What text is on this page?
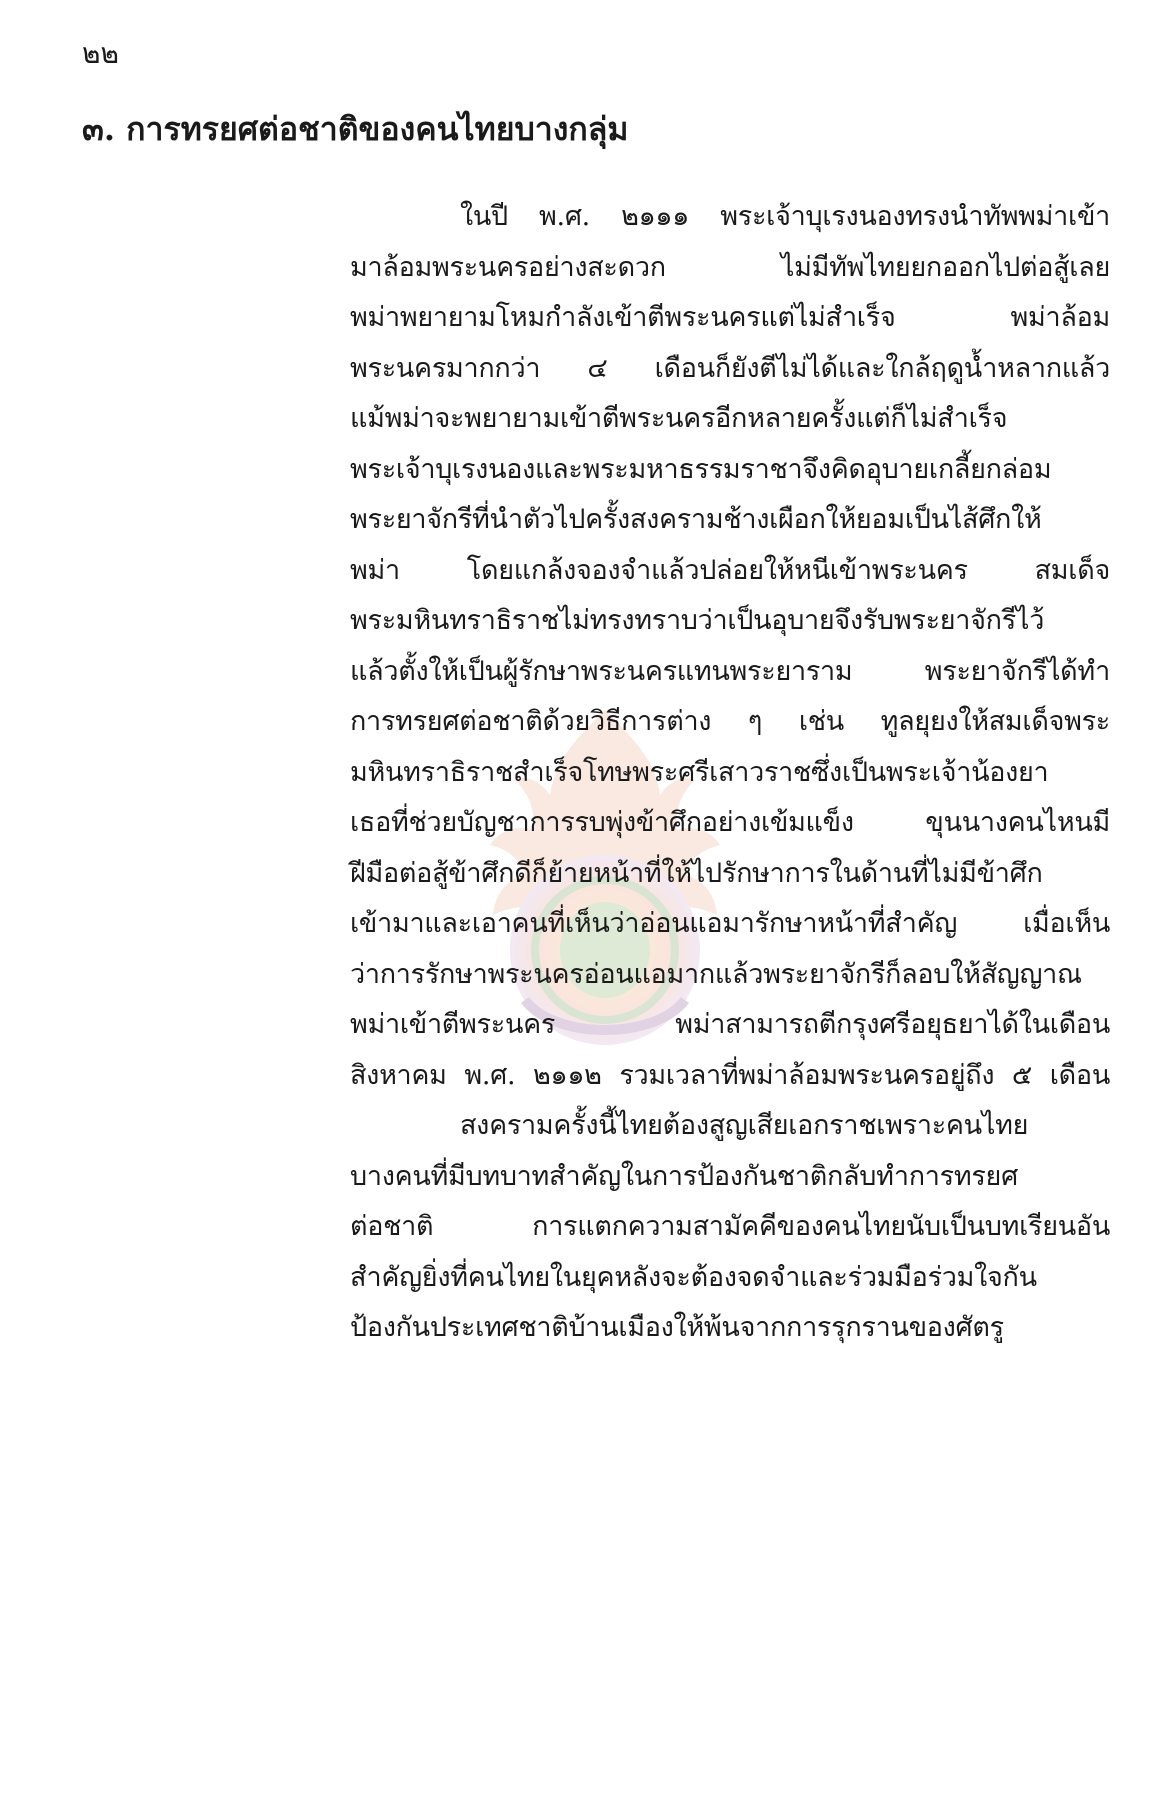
๒๒
๓. การทรยศต่อชาติของคนไทยบางกลุ่ม
ในปี พ.ศ. ๒๑๑๑ พระเจ้าบุเรงนองทรงนำทัพพม่าเข้า
มาล้อมพระนครอย่างสะดวก ไม่มีทัพไทยยกออกไปต่อสู้เลย
พม่าพยายามโหมกำลังเข้าตีพระนครแต่ไม่สำเร็จ พม่าล้อม
พระนครมากกว่า ๔ เดือนก็ยังตีไม่ได้และใกล้ฤดูน้ำหลากแล้ว
แม้พม่าจะพยายามเข้าตีพระนครอีกหลายครั้งแต่ก็ไม่สำเร็จ
พระเจ้าบุเรงนองและพระมหาธรรมราชาจึงคิดอุบายเกลี้ยกล่อม
พระยาจักรีที่นำตัวไปครั้งสงครามช้างเผือกให้ยอมเป็นไส้ศึกให้
พม่า โดยแกล้งจองจำแล้วปล่อยให้หนีเข้าพระนคร สมเด็จ
พระมหินทราธิราชไม่ทรงทราบว่าเป็นอุบายจึงรับพระยาจักรีไว้
แล้วตั้งให้เป็นผู้รักษาพระนครแทนพระยาราม พระยาจักรีได้ทำ
การทรยศต่อชาติด้วยวิธีการต่าง ๆ เช่น ทูลยุยงให้สมเด็จพระ
มหินทราธิราชสำเร็จโทษพระศรีเสาวราชซึ่งเป็นพระเจ้าน้องยา
เธอที่ช่วยบัญชาการรบพุ่งข้าศึกอย่างเข้มแข็ง ขุนนางคนไหนมี
ฝีมือต่อสู้ข้าศึกดีก็ย้ายหน้าที่ให้ไปรักษาการในด้านที่ไม่มีข้าศึก
เข้ามาและเอาคนที่เห็นว่าอ่อนแอมารักษาหน้าที่สำคัญ เมื่อเห็น
ว่าการรักษาพระนครอ่อนแอมากแล้วพระยาจักรีก็ลอบให้สัญญาณ
พม่าเข้าตีพระนคร พม่าสามารถตีกรุงศรีอยุธยาได้ในเดือน
สิงหาคม พ.ศ. ๒๑๑๒ รวมเวลาที่พม่าล้อมพระนครอยู่ถึง ๕ เดือน
สงครามครั้งนี้ไทยต้องสูญเสียเอกราชเพราะคนไทย
บางคนที่มีบทบาทสำคัญในการป้องกันชาติกลับทำการทรยศ
ต่อชาติ การแตกความสามัคคีของคนไทยนับเป็นบทเรียนอัน
สำคัญยิ่งที่คนไทยในยุคหลังจะต้องจดจำและร่วมมือร่วมใจกัน
ป้องกันประเทศชาติบ้านเมืองให้พ้นจากการรุกรานของศัตรู
